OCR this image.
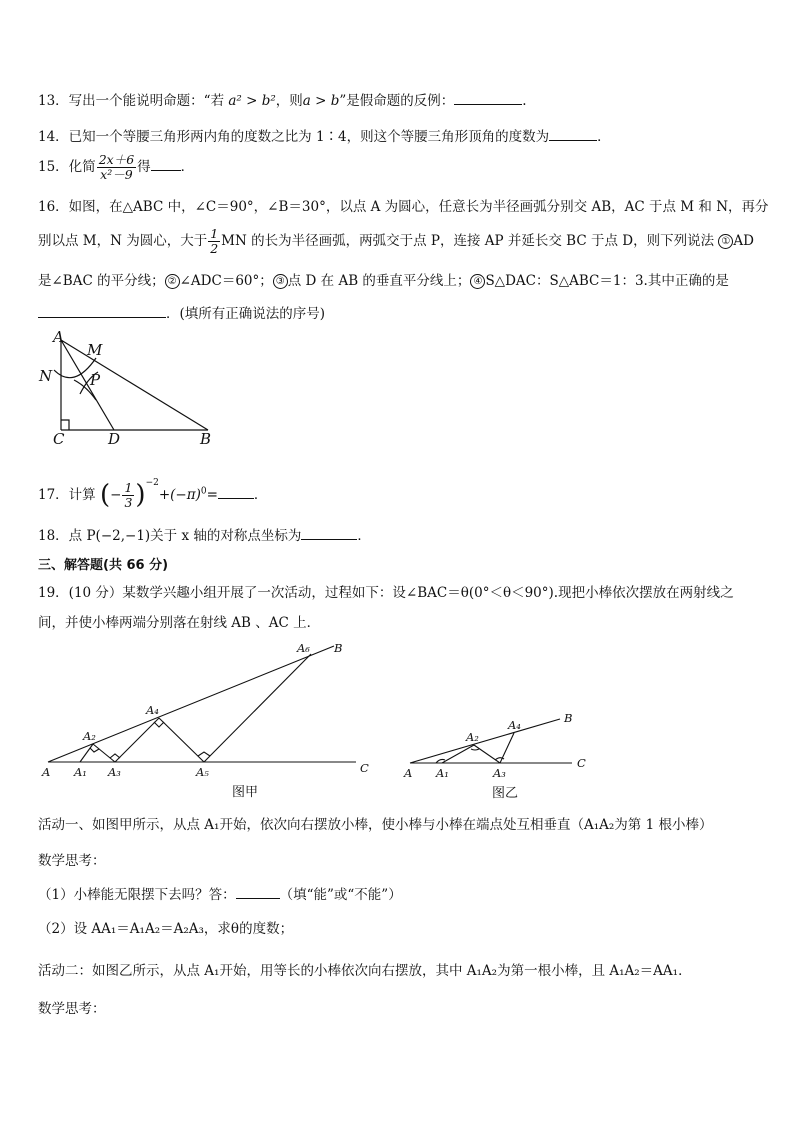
13．写出一个能说明命题：“若 a² > b²，则a > b”是假命题的反例：	.
14．已知一个等腰三角形两内角的度数之比为 1∶4，则这个等腰三角形顶角的度数为	．
15．化简 $\frac{2x+6}{\text{x²－9}}$ 得 ．
16．如图，在△ABC 中，∠C＝90°，∠B＝30°，以点 A 为圆心，任意长为半径画弧分别交 AB，AC 于点 M 和 N，再分
别以点 M，N 为圆心，大于 $\frac{1}{2}$ MN 的长为半径画弧，两弧交于点 P，连接 AP 并延长交 BC 于点 D，则下列说法 ① AD
是∠BAC 的平分线； ② ∠ADC＝60°； ③ 点 D 在 AB 的垂直平分线上； ④ S△DAC：S△ABC＝1：3.其中正确的是
．(填所有正确说法的序号)
A
M
N	P
C	D	B
17．计算 (− $\frac{1}{3} )^{-2}+(-\pi)^0=$	．
18．点 P(−2,−1)关于 x 轴的对称点坐标为	．
三、解答题(共 66 分)
19．(10 分）某数学兴趣小组开展了一次活动，过程如下：设∠BAC＝θ(0°＜θ＜90°).现把小棒依次摆放在两射线之
间，并使小棒两端分别落在射线 AB 、AC 上．
A A₁
A₂
A₃
A₄
A₅
A₆ B
C
图甲
A A₁
A₂
A₃
A₄	B
C
图乙
活动一、如图甲所示，从点 A₁开始，依次向右摆放小棒，使小棒与小棒在端点处互相垂直（A₁A₂为第 1 根小棒）
数学思考：
（1）小棒能无限摆下去吗？答：	（填“能”或“不能”）
（2）设 AA₁＝A₁A₂＝A₂A₃，求θ的度数；
活动二：如图乙所示，从点 A₁开始，用等长的小棒依次向右摆放，其中 A₁A₂为第一根小棒，且 A₁A₂＝AA₁．
数学思考：
